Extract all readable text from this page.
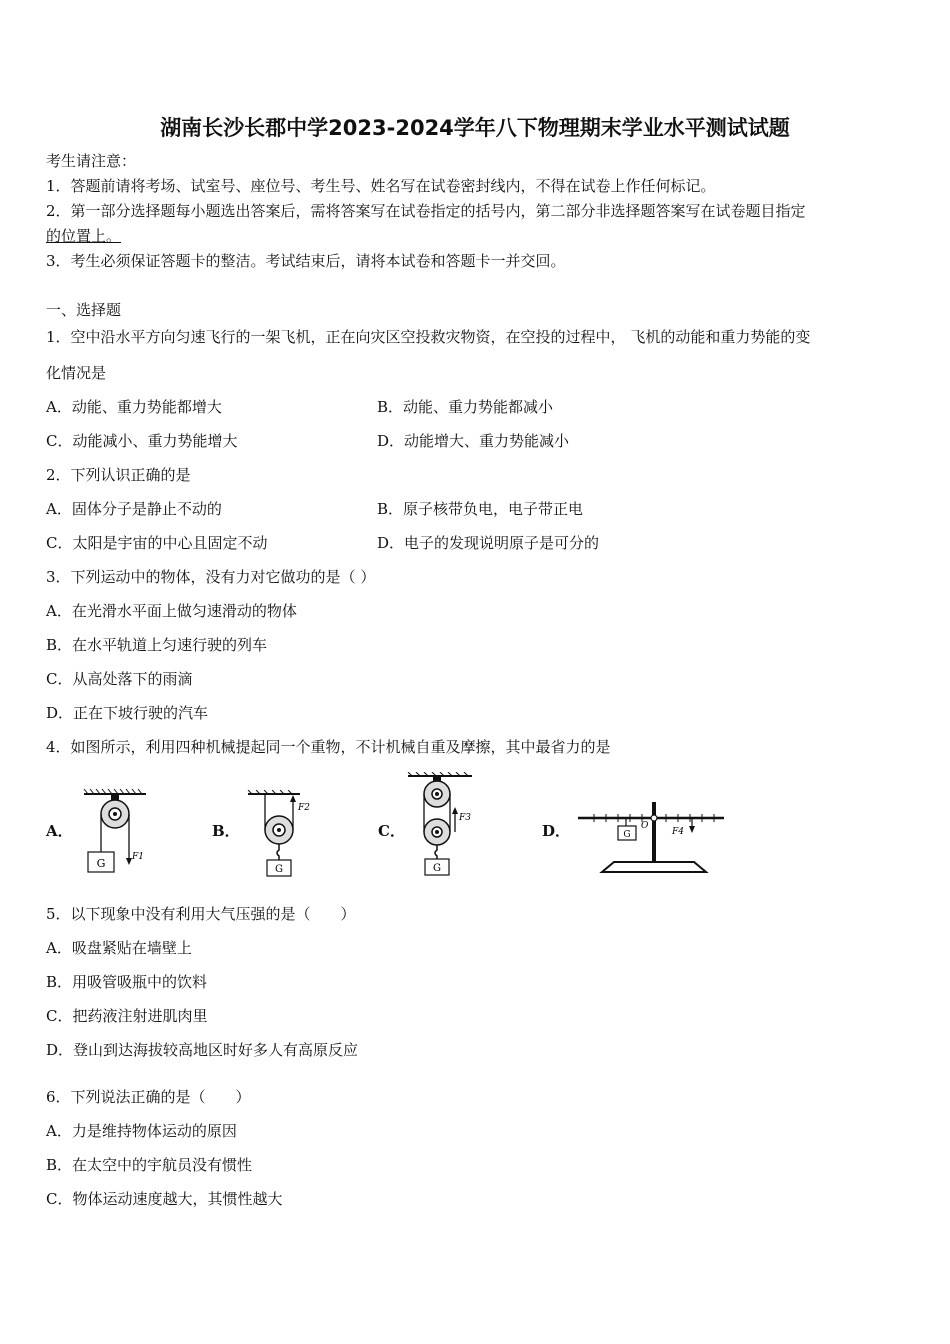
湖南长沙长郡中学2023-2024学年八下物理期末学业水平测试试题
考生请注意：
1．答题前请将考场、试室号、座位号、考生号、姓名写在试卷密封线内，不得在试卷上作任何标记。
2．第一部分选择题每小题选出答案后，需将答案写在试卷指定的括号内，第二部分非选择题答案写在试卷题目指定
的位置上。
3．考生必须保证答题卡的整洁。考试结束后，请将本试卷和答题卡一并交回。
一、选择题
1．空中沿水平方向匀速飞行的一架飞机，正在向灾区空投救灾物资，在空投的过程中， 飞机的动能和重力势能的变
化情况是
A．动能、重力势能都增大	B．动能、重力势能都减小
C．动能减小、重力势能增大	D．动能增大、重力势能减小
2．下列认识正确的是
A．固体分子是静止不动的	B．原子核带负电，电子带正电
C．太阳是宇宙的中心且固定不动	D．电子的发现说明原子是可分的
3．下列运动中的物体，没有力对它做功的是（ ）
A．在光滑水平面上做匀速滑动的物体
B．在水平轨道上匀速行驶的列车
C．从高处落下的雨滴
D．正在下坡行驶的汽车
4．如图所示，利用四种机械提起同一个重物，不计机械自重及摩擦，其中最省力的是
A．	B．	C．	D．
G	F1
G
F2
G
F3
O
G	F4
5．以下现象中没有利用大气压强的是（　　）
A．吸盘紧贴在墙壁上
B．用吸管吸瓶中的饮料
C．把药液注射进肌肉里
D．登山到达海拔较高地区时好多人有高原反应
6．下列说法正确的是（　　）
A．力是维持物体运动的原因
B．在太空中的宇航员没有惯性
C．物体运动速度越大，其惯性越大
